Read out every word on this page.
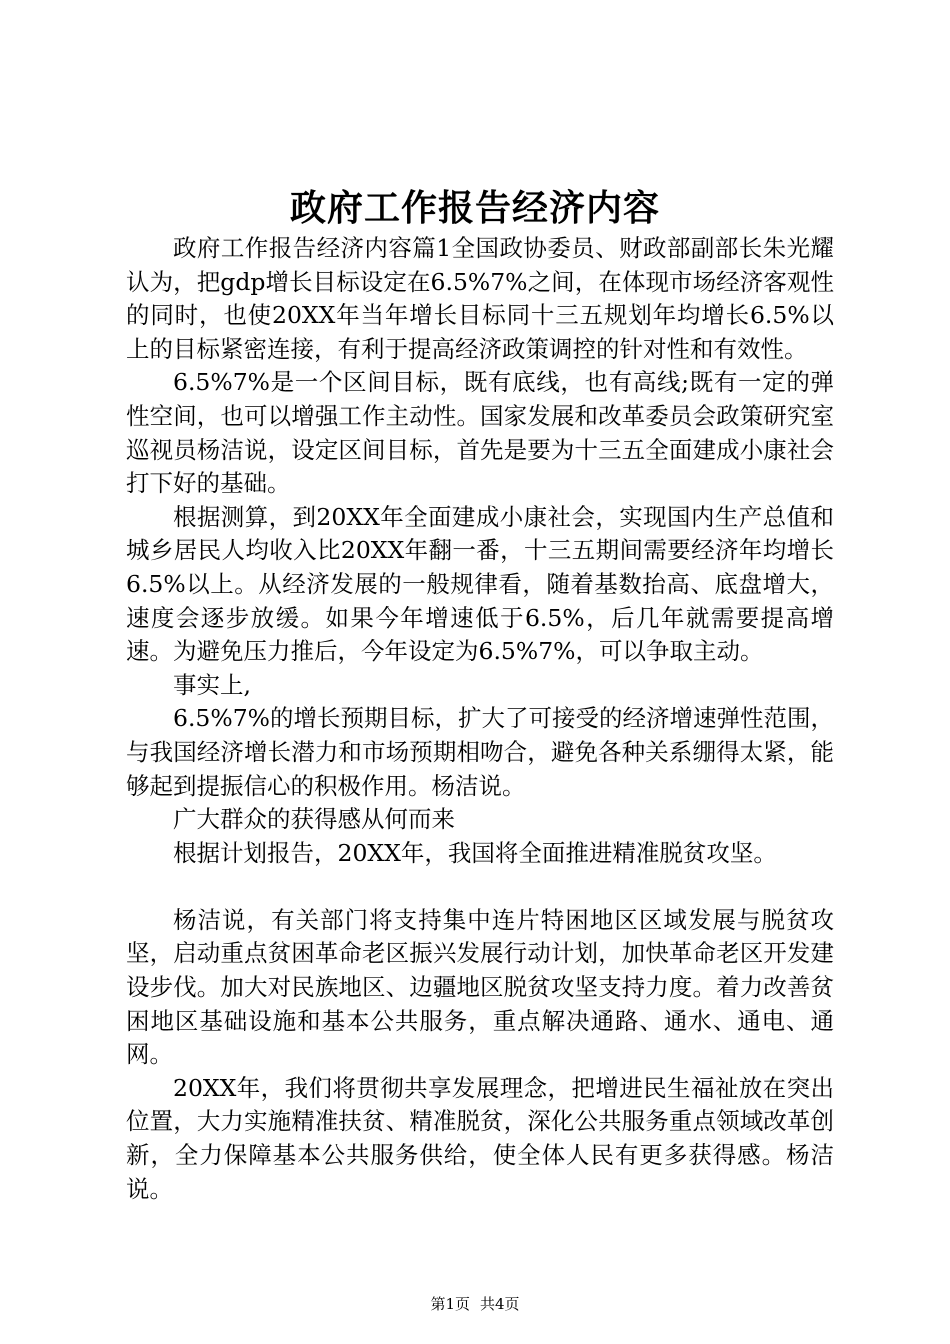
政府工作报告经济内容

政府工作报告经济内容篇1全国政协委员、财政部副部长朱光耀认为，把gdp增长目标设定在6.5%7%之间，在体现市场经济客观性的同时，也使20XX年当年增长目标同十三五规划年均增长6.5%以上的目标紧密连接，有利于提高经济政策调控的针对性和有效性。

6.5%7%是一个区间目标，既有底线，也有高线;既有一定的弹性空间，也可以增强工作主动性。国家发展和改革委员会政策研究室巡视员杨洁说，设定区间目标，首先是要为十三五全面建成小康社会打下好的基础。

根据测算，到20XX年全面建成小康社会，实现国内生产总值和城乡居民人均收入比20XX年翻一番，十三五期间需要经济年均增长6.5%以上。从经济发展的一般规律看，随着基数抬高、底盘增大，速度会逐步放缓。如果今年增速低于6.5%，后几年就需要提高增速。为避免压力推后，今年设定为6.5%7%，可以争取主动。

事实上,

6.5%7%的增长预期目标，扩大了可接受的经济增速弹性范围，与我国经济增长潜力和市场预期相吻合，避免各种关系绷得太紧，能够起到提振信心的积极作用。杨洁说。

广大群众的获得感从何而来

根据计划报告，20XX年，我国将全面推进精准脱贫攻坚。

杨洁说，有关部门将支持集中连片特困地区区域发展与脱贫攻坚，启动重点贫困革命老区振兴发展行动计划，加快革命老区开发建设步伐。加大对民族地区、边疆地区脱贫攻坚支持力度。着力改善贫困地区基础设施和基本公共服务，重点解决通路、通水、通电、通网。

20XX年，我们将贯彻共享发展理念，把增进民生福祉放在突出位置，大力实施精准扶贫、精准脱贫，深化公共服务重点领域改革创新，全力保障基本公共服务供给，使全体人民有更多获得感。杨洁说。

第1页 共4页
